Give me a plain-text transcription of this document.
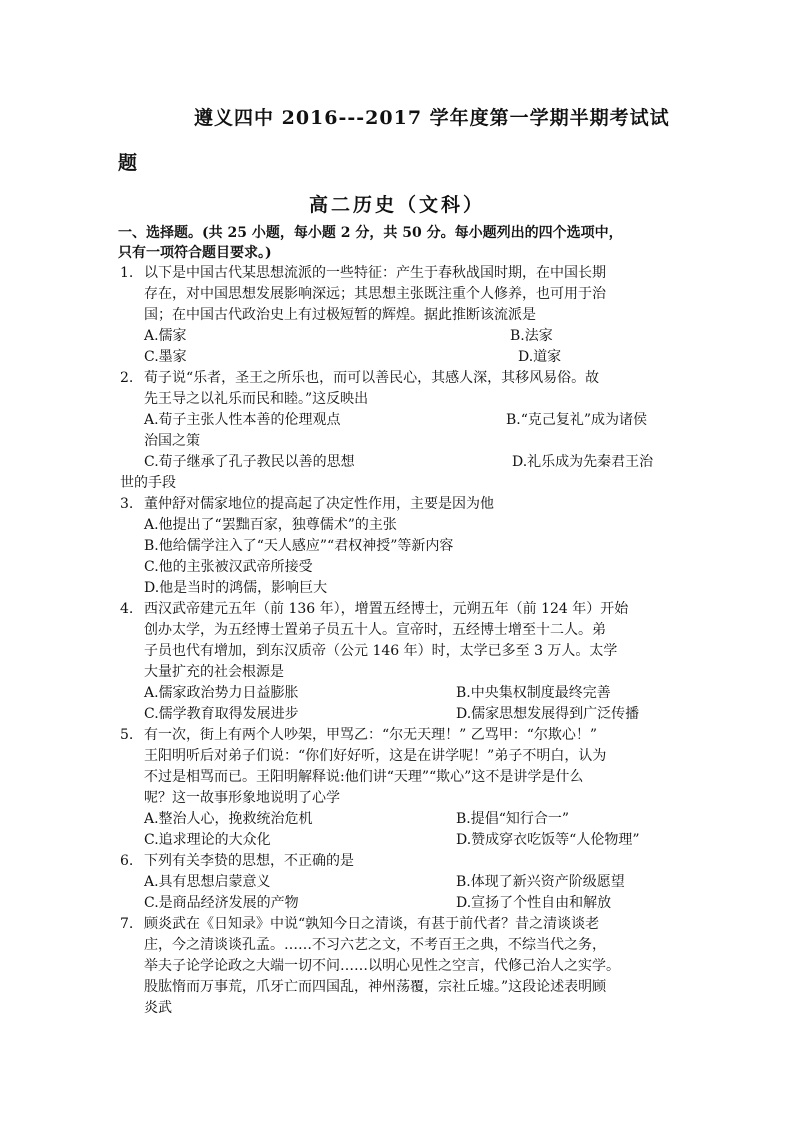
遵义四中 2016---2017 学年度第一学期半期考试试
题
高二历史（文科）
一、选择题。(共 25 小题，每小题 2 分，共 50 分。每小题列出的四个选项中，
只有一项符合题目要求。)
1. 以下是中国古代某思想流派的一些特征：产生于春秋战国时期，在中国长期
存在，对中国思想发展影响深远；其思想主张既注重个人修养，也可用于治
国；在中国古代政治史上有过极短暂的辉煌。据此推断该流派是
A.儒家	B.法家
C.墨家	D.道家
2. 荀子说“乐者，圣王之所乐也，而可以善民心，其感人深，其移风易俗。故
先王导之以礼乐而民和睦。”这反映出
A.荀子主张人性本善的伦理观点	B.“克己复礼”成为诸侯
治国之策
C.荀子继承了孔子教民以善的思想	D.礼乐成为先秦君王治
世的手段
3. 董仲舒对儒家地位的提高起了决定性作用，主要是因为他
A.他提出了“罢黜百家，独尊儒术”的主张
B.他给儒学注入了“天人感应”“君权神授”等新内容
C.他的主张被汉武帝所接受
D.他是当时的鸿儒，影响巨大
4. 西汉武帝建元五年（前 136 年），增置五经博士，元朔五年（前 124 年）开始
创办太学，为五经博士置弟子员五十人。宣帝时，五经博士增至十二人。弟
子员也代有增加，到东汉质帝（公元 146 年）时，太学已多至 3 万人。太学
大量扩充的社会根源是
A.儒家政治势力日益膨胀	B.中央集权制度最终完善
C.儒学教育取得发展进步	D.儒家思想发展得到广泛传播
5. 有一次，街上有两个人吵架，甲骂乙：“尔无天理！” 乙骂甲：“尔欺心！”
王阳明听后对弟子们说：“你们好好听，这是在讲学呢！”弟子不明白，认为
不过是相骂而已。王阳明解释说:他们讲“天理”“欺心”这不是讲学是什么
呢？这一故事形象地说明了心学
A.整治人心，挽救统治危机	B.提倡“知行合一”
C.追求理论的大众化	D.赞成穿衣吃饭等“人伦物理”
6. 下列有关李贽的思想，不正确的是
A.具有思想启蒙意义	B.体现了新兴资产阶级愿望
C.是商品经济发展的产物	D.宣扬了个性自由和解放
7. 顾炎武在《日知录》中说“孰知今日之清谈，有甚于前代者？昔之清谈谈老
庄，今之清谈谈孔孟。……不习六艺之文，不考百王之典，不综当代之务，
举夫子论学论政之大端一切不问……以明心见性之空言，代修己治人之实学。
股肱惰而万事荒，爪牙亡而四国乱，神州荡覆，宗社丘墟。”这段论述表明顾
炎武
